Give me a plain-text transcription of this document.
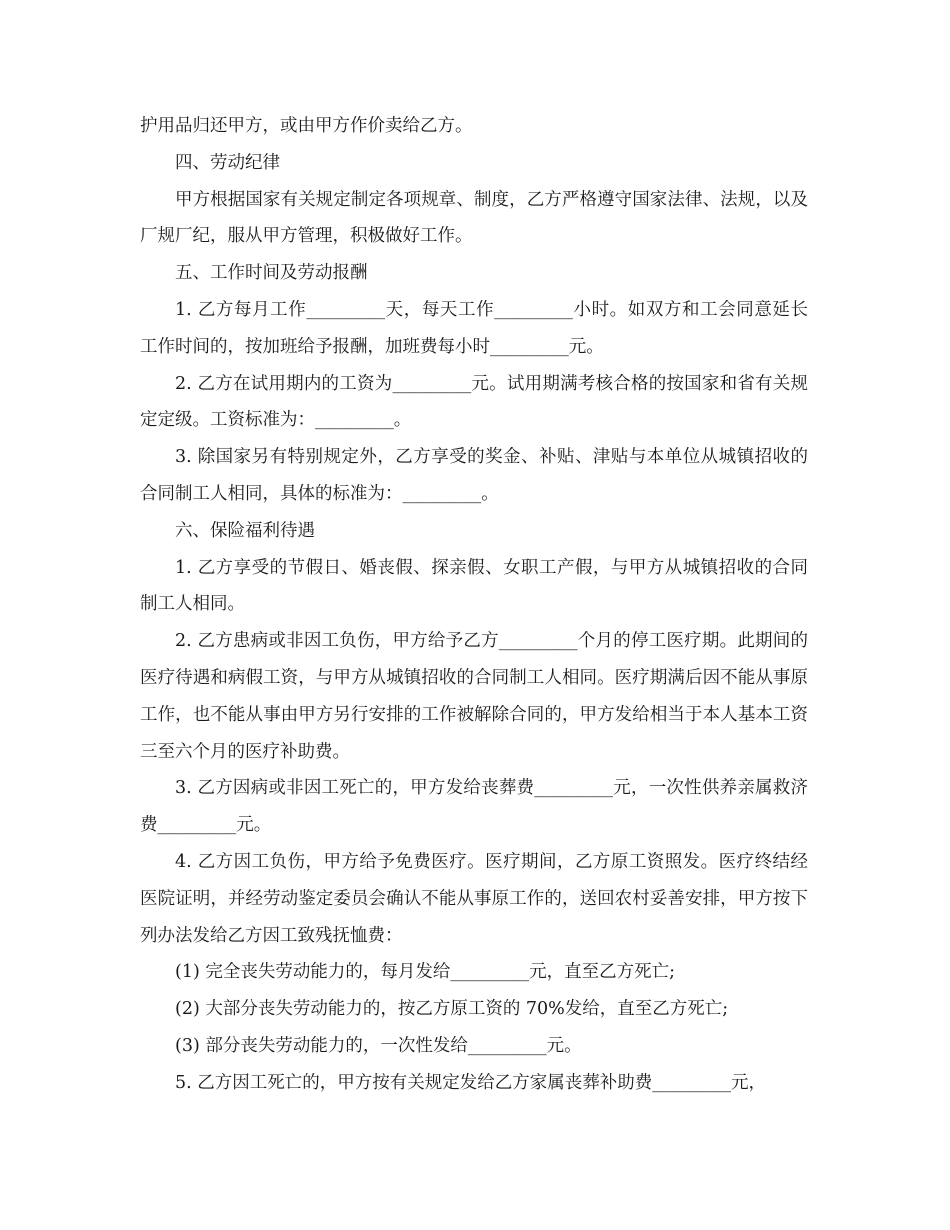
护用品归还甲方，或由甲方作价卖给乙方。

四、劳动纪律

甲方根据国家有关规定制定各项规章、制度，乙方严格遵守国家法律、法规，以及厂规厂纪，服从甲方管理，积极做好工作。

五、工作时间及劳动报酬

1. 乙方每月工作_________天，每天工作_________小时。如双方和工会同意延长工作时间的，按加班给予报酬，加班费每小时_________元。

2. 乙方在试用期内的工资为_________元。试用期满考核合格的按国家和省有关规定定级。工资标准为：_________。

3. 除国家另有特别规定外，乙方享受的奖金、补贴、津贴与本单位从城镇招收的合同制工人相同，具体的标准为：_________。

六、保险福利待遇

1. 乙方享受的节假日、婚丧假、探亲假、女职工产假，与甲方从城镇招收的合同制工人相同。

2. 乙方患病或非因工负伤，甲方给予乙方_________个月的停工医疗期。此期间的医疗待遇和病假工资，与甲方从城镇招收的合同制工人相同。医疗期满后因不能从事原工作，也不能从事由甲方另行安排的工作被解除合同的，甲方发给相当于本人基本工资三至六个月的医疗补助费。

3. 乙方因病或非因工死亡的，甲方发给丧葬费_________元，一次性供养亲属救济费_________元。

4. 乙方因工负伤，甲方给予免费医疗。医疗期间，乙方原工资照发。医疗终结经医院证明，并经劳动鉴定委员会确认不能从事原工作的，送回农村妥善安排，甲方按下列办法发给乙方因工致残抚恤费：

(1) 完全丧失劳动能力的，每月发给_________元，直至乙方死亡;

(2) 大部分丧失劳动能力的，按乙方原工资的 70%发给，直至乙方死亡;

(3) 部分丧失劳动能力的，一次性发给_________元。

5. 乙方因工死亡的，甲方按有关规定发给乙方家属丧葬补助费_________元，
